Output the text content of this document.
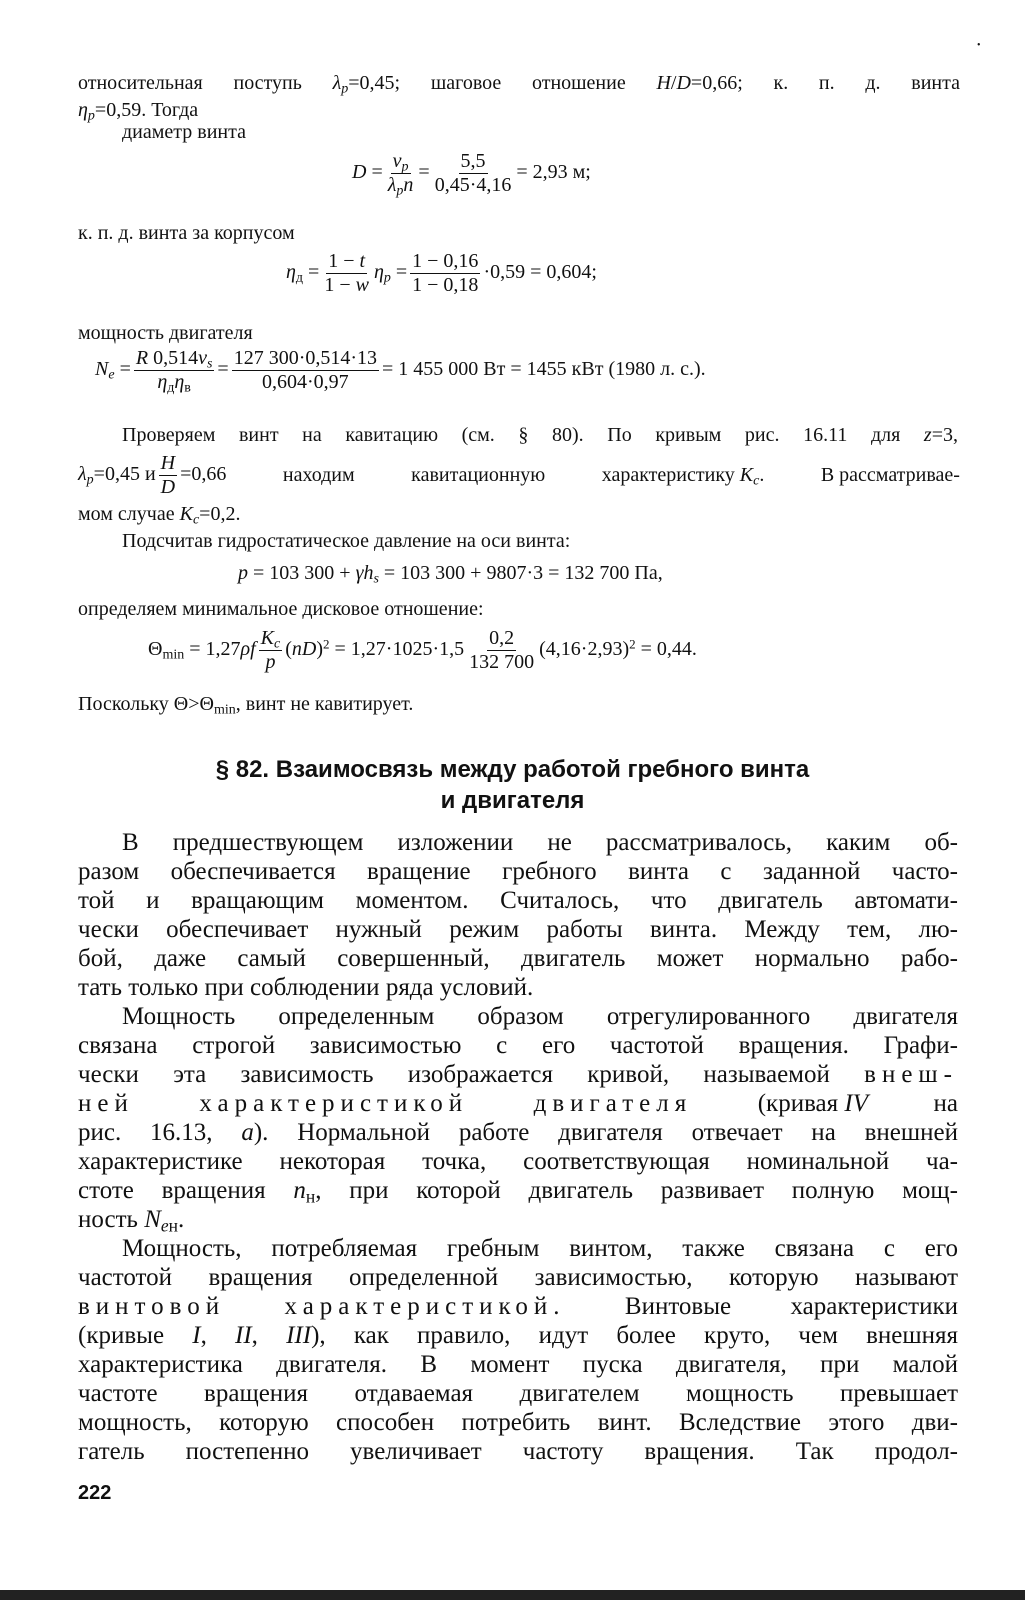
•
относительная поступь $\lambda_p=0,45$; шаговое отношение H/D=0,66; к. п. д. винта
$\eta_p=0,59$. Тогда
диаметр винта
$D = \frac{v_p}{\lambda_pn} = \frac{5,5}{0,45\cdot 4,16} = 2,93$ м;
к. п. д. винта за корпусом
$\eta_д = \frac{1 - t}{1 - w} \eta_p = \frac{1 - 0,16}{1 - 0,18} \cdot 0,59 = 0,604$;
мощность двигателя
$N_e = \frac{R 0,514v_s}{\eta_д\eta_в} = \frac{127 300\cdot 0,514\cdot 13}{0,604\cdot 0,97} = 1$ 455 000 Вт = 1455 кВт (1980 л. с.).
Проверяем винт на кавитацию (см. § 80). По кривым рис. 16.11 для z=3,
$\lambda_p=0,45$ и $\frac{H}{D} =0,66$	находим	кавитационную	характеристику $K_c$.	В рассматривае-
мом случае $K_c=0,2$.
Подсчитав гидростатическое давление на оси винта:
p = 103 $300 + \gamma h_s = 103$ 300 + 9807·3 = 132 700 Па,
определяем минимальное дисковое отношение:
$\Theta_{min} = 1,27\rho f \frac{K_c}{p} (nD)^2 = 1,27\cdot 1025\cdot 1,5 \frac{0,2}{132 700} (4,16\cdot 2,93)^2 = 0,44$.
Поскольку $\Theta>\Theta_{min}$, винт не кавитирует.
§ 82. Взаимосвязь между работой гребного винта
и двигателя
В предшествующем изложении не рассматривалось, каким об-
разом обеспечивается вращение гребного винта с заданной часто-
той и вращающим моментом. Считалось, что двигатель автомати-
чески обеспечивает нужный режим работы винта. Между тем, лю-
бой, даже самый совершенный, двигатель может нормально рабо-
тать только при соблюдении ряда условий.
Мощность определенным образом отрегулированного двигателя
связана строгой зависимостью с его частотой вращения. Графи-
чески эта зависимость изображается кривой, называемой внеш-
ней	характеристикой	двигателя	(кривая IV	на
рис. 16.13, а). Нормальной работе двигателя отвечает на внешней
характеристике некоторая точка, соответствующая номинальной ча-
стоте вращения $n_н$, при которой двигатель развивает полную мощ-
ность $N_{eн}$.
Мощность, потребляемая гребным винтом, также связана с его
частотой вращения определенной зависимостью, которую называют
винтовой характеристикой. Винтовые характеристики
(кривые I, II, III), как правило, идут более круто, чем внешняя
характеристика двигателя. В момент пуска двигателя, при малой
частоте вращения отдаваемая двигателем мощность превышает
мощность, которую способен потребить винт. Вследствие этого дви-
гатель постепенно увеличивает частоту вращения. Так продол-
222
